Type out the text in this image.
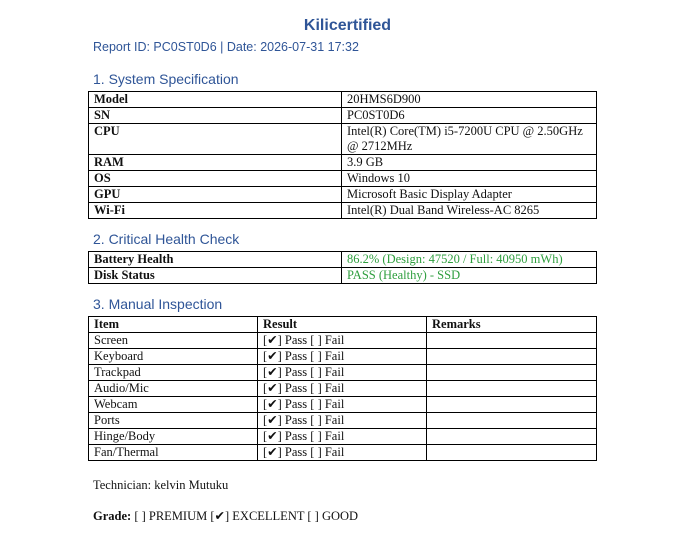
Kilicertified
Report ID: PC0ST0D6 | Date: 2026-07-31 17:32
1. System Specification
Model	20HMS6D900
SN	PC0ST0D6
CPU	Intel(R) Core(TM) i5-7200U CPU @ 2.50GHz @ 2712MHz
RAM	3.9 GB
OS	Windows 10
GPU	Microsoft Basic Display Adapter
Wi-Fi	Intel(R) Dual Band Wireless-AC 8265
2. Critical Health Check
Battery Health	86.2% (Design: 47520 / Full: 40950 mWh)
Disk Status	PASS (Healthy) - SSD
3. Manual Inspection
Item	Result	Remarks
Screen	[✔] Pass [ ] Fail	
Keyboard	[✔] Pass [ ] Fail	
Trackpad	[✔] Pass [ ] Fail	
Audio/Mic	[✔] Pass [ ] Fail	
Webcam	[✔] Pass [ ] Fail	
Ports	[✔] Pass [ ] Fail	
Hinge/Body	[✔] Pass [ ] Fail	
Fan/Thermal	[✔] Pass [ ] Fail	
Technician: kelvin Mutuku
Grade: [ ] PREMIUM [✔] EXCELLENT [ ] GOOD
